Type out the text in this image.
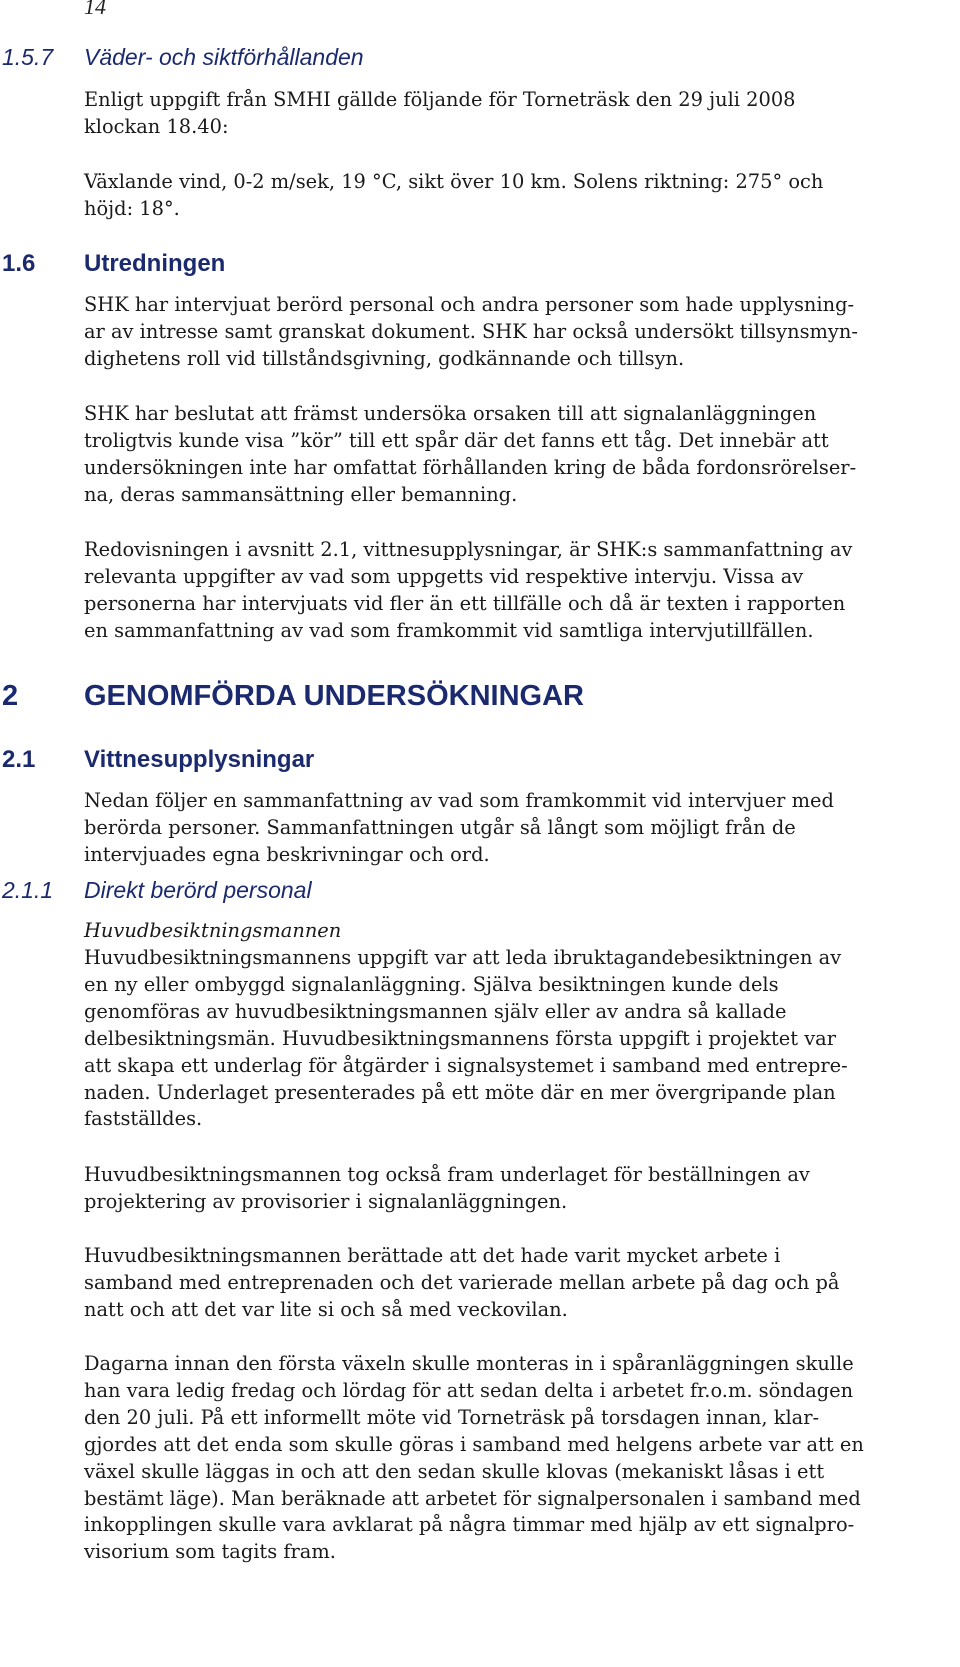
14
1.5.7 Väder- och siktförhållanden
Enligt uppgift från SMHI gällde följande för Torneträsk den 29 juli 2008
klockan 18.40:
Växlande vind, 0-2 m/sek, 19 °C, sikt över 10 km. Solens riktning: 275° och
höjd: 18°.
1.6 Utredningen
SHK har intervjuat berörd personal och andra personer som hade upplysning-
ar av intresse samt granskat dokument. SHK har också undersökt tillsynsmyn-
dighetens roll vid tillståndsgivning, godkännande och tillsyn.
SHK har beslutat att främst undersöka orsaken till att signalanläggningen
troligtvis kunde visa ”kör” till ett spår där det fanns ett tåg. Det innebär att
undersökningen inte har omfattat förhållanden kring de båda fordonsrörelser-
na, deras sammansättning eller bemanning.
Redovisningen i avsnitt 2.1, vittnesupplysningar, är SHK:s sammanfattning av
relevanta uppgifter av vad som uppgetts vid respektive intervju. Vissa av
personerna har intervjuats vid fler än ett tillfälle och då är texten i rapporten
en sammanfattning av vad som framkommit vid samtliga intervjutillfällen.
2 GENOMFÖRDA UNDERSÖKNINGAR
2.1 Vittnesupplysningar
Nedan följer en sammanfattning av vad som framkommit vid intervjuer med
berörda personer. Sammanfattningen utgår så långt som möjligt från de
intervjuades egna beskrivningar och ord.
2.1.1 Direkt berörd personal
Huvudbesiktningsmannen
Huvudbesiktningsmannens uppgift var att leda ibruktagandebesiktningen av
en ny eller ombyggd signalanläggning. Själva besiktningen kunde dels
genomföras av huvudbesiktningsmannen själv eller av andra så kallade
delbesiktningsmän. Huvudbesiktningsmannens första uppgift i projektet var
att skapa ett underlag för åtgärder i signalsystemet i samband med entrepre-
naden. Underlaget presenterades på ett möte där en mer övergripande plan
fastställdes.
Huvudbesiktningsmannen tog också fram underlaget för beställningen av
projektering av provisorier i signalanläggningen.
Huvudbesiktningsmannen berättade att det hade varit mycket arbete i
samband med entreprenaden och det varierade mellan arbete på dag och på
natt och att det var lite si och så med veckovilan.
Dagarna innan den första växeln skulle monteras in i spåranläggningen skulle
han vara ledig fredag och lördag för att sedan delta i arbetet fr.o.m. söndagen
den 20 juli. På ett informellt möte vid Torneträsk på torsdagen innan, klar-
gjordes att det enda som skulle göras i samband med helgens arbete var att en
växel skulle läggas in och att den sedan skulle klovas (mekaniskt låsas i ett
bestämt läge). Man beräknade att arbetet för signalpersonalen i samband med
inkopplingen skulle vara avklarat på några timmar med hjälp av ett signalpro-
visorium som tagits fram.
